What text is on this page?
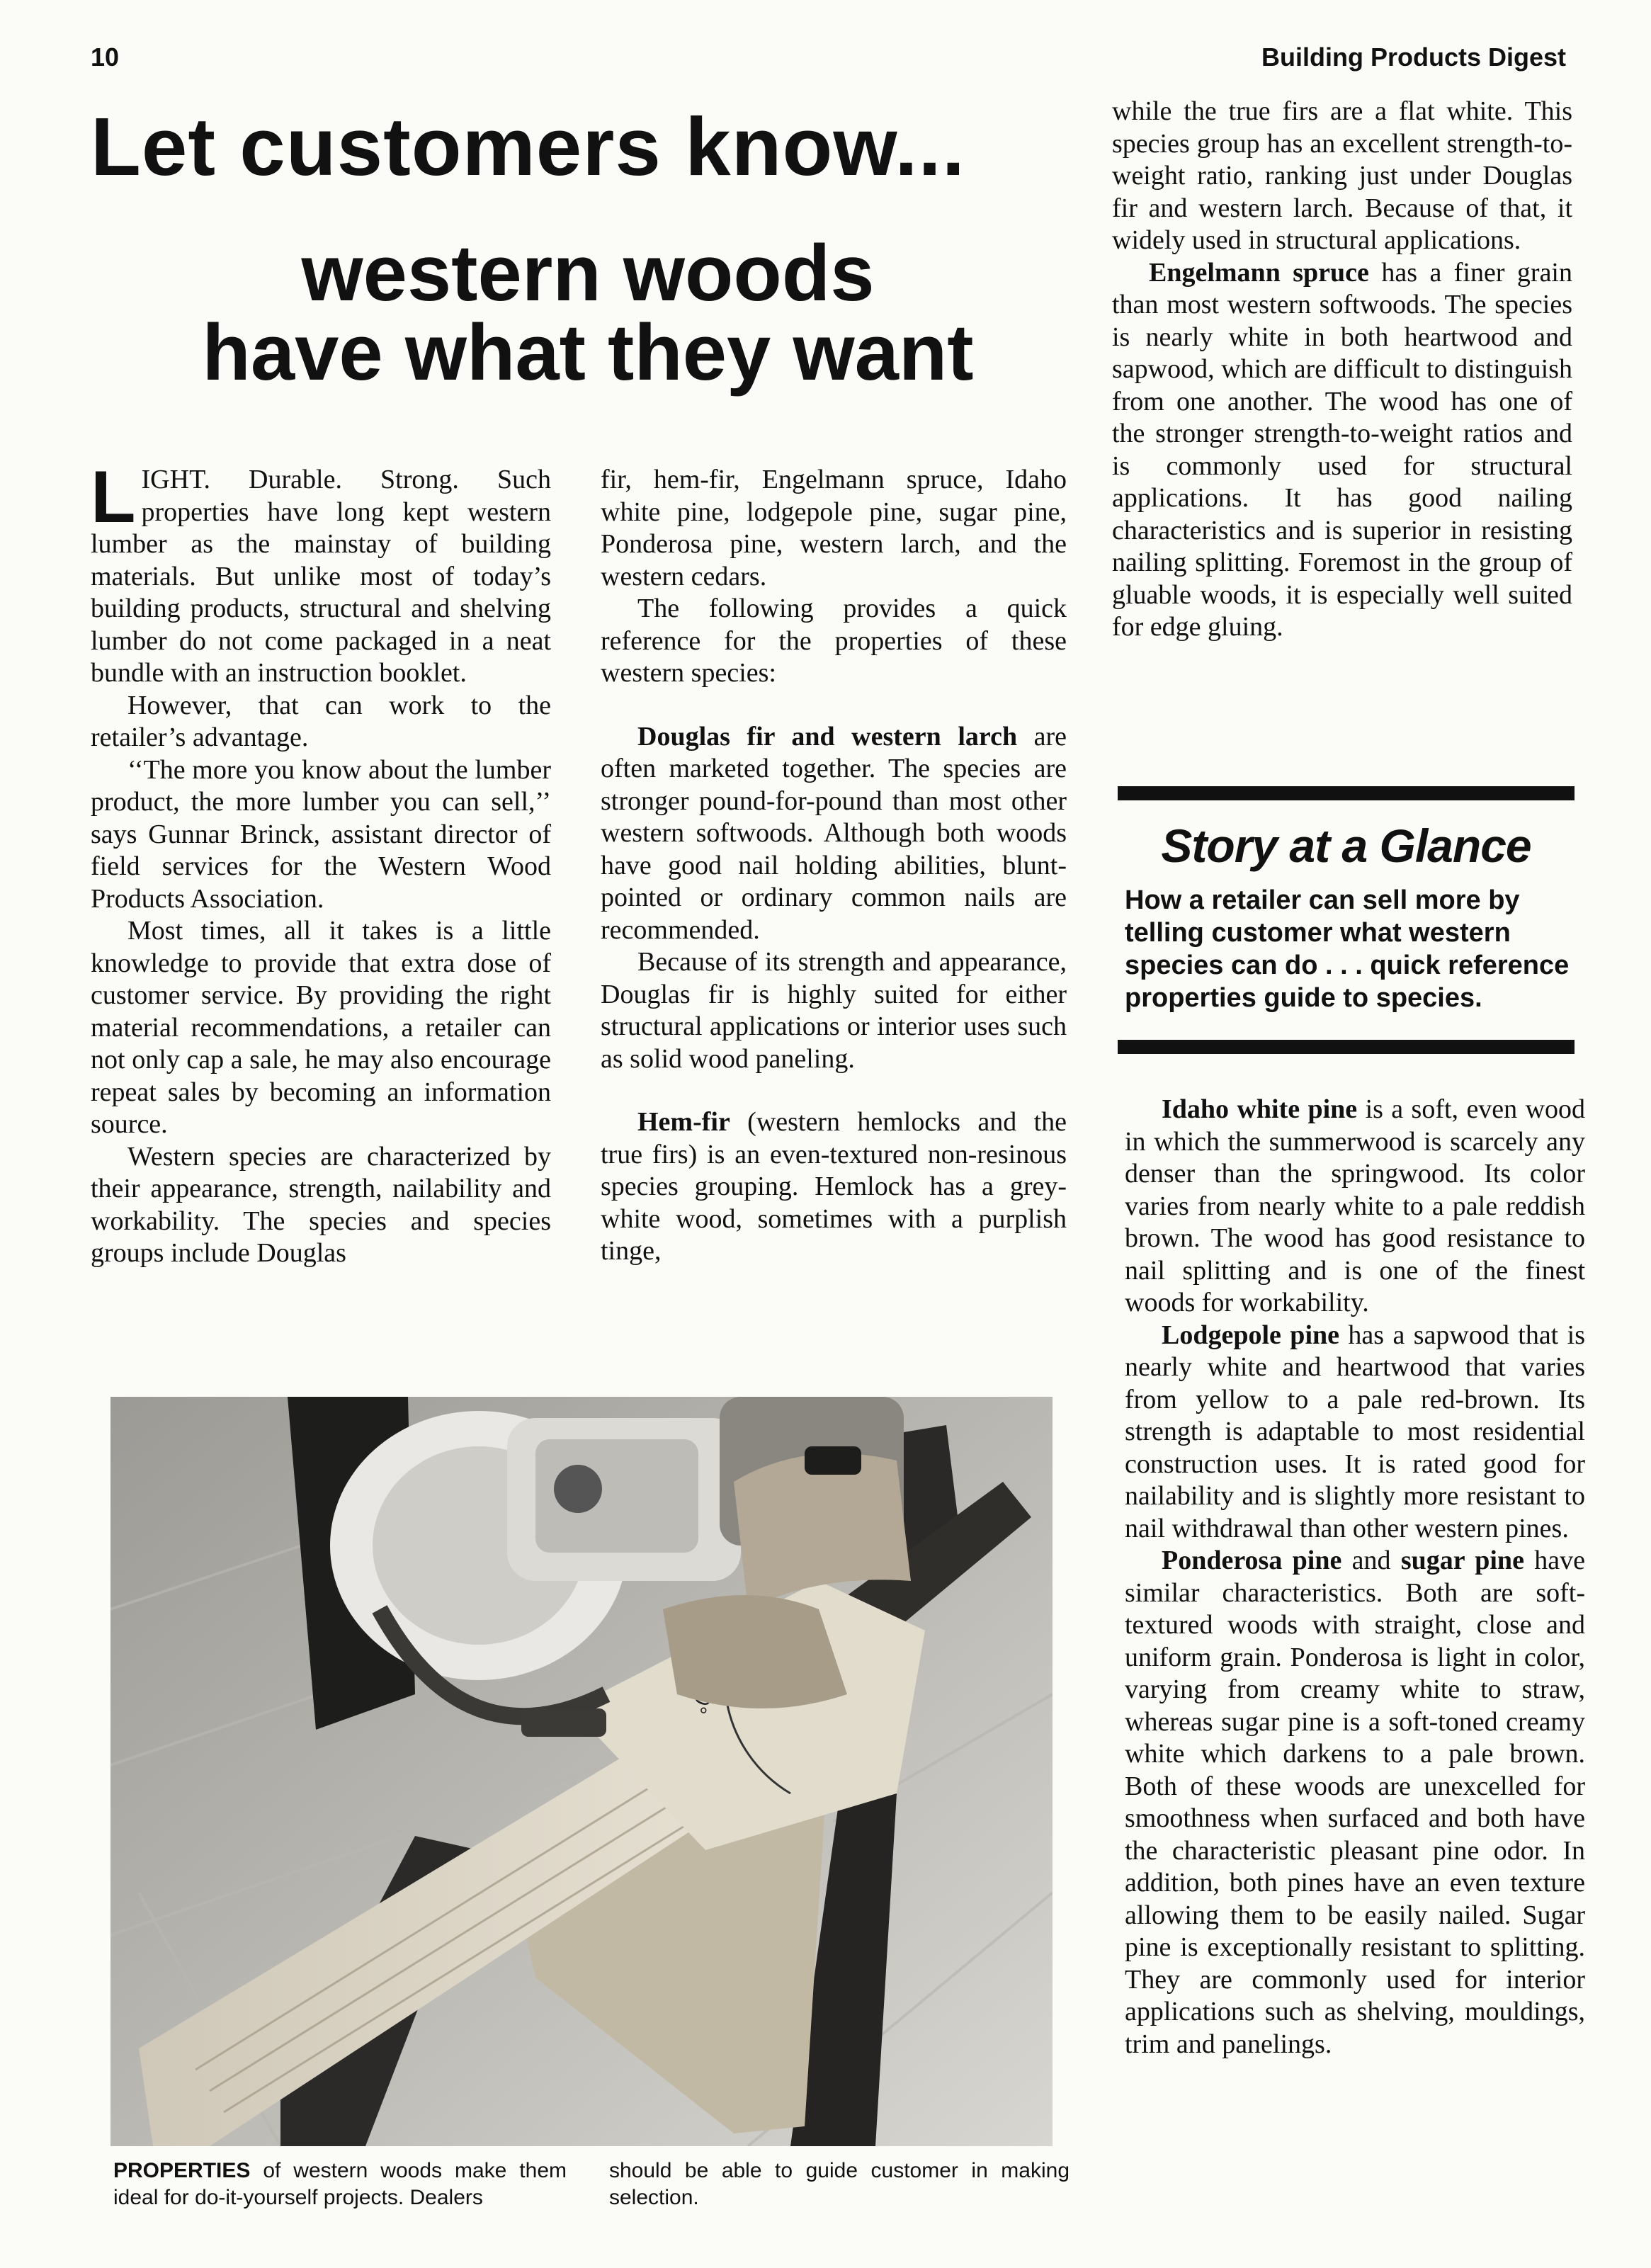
10	Building Products Digest
Let customers know...
western woods
have what they want

LIGHT. Durable. Strong. Such properties have long kept western lumber as the mainstay of building materials. But unlike most of today’s building products, structural and shelving lumber do not come packaged in a neat bundle with an instruction booklet.

However, that can work to the retailer’s advantage.

‘‘The more you know about the lumber product, the more lumber you can sell,’’ says Gunnar Brinck, assistant director of field services for the Western Wood Products Association.

Most times, all it takes is a little knowledge to provide that extra dose of customer service. By providing the right material recommendations, a retailer can not only cap a sale, he may also encourage repeat sales by becoming an information source.

Western species are characterized by their appearance, strength, nailability and workability. The species and species groups include Douglas

fir, hem-fir, Engelmann spruce, Idaho white pine, lodgepole pine, sugar pine, Ponderosa pine, western larch, and the western cedars.

The following provides a quick reference for the properties of these western species:

Douglas fir and western larch are often marketed together. The species are stronger pound-for-pound than most other western softwoods. Although both woods have good nail holding abilities, blunt-pointed or ordinary common nails are recommended.

Because of its strength and appearance, Douglas fir is highly suited for either structural applications or interior uses such as solid wood paneling.

Hem-fir (western hemlocks and the true firs) is an even-textured non-resinous species grouping. Hemlock has a grey-white wood, sometimes with a purplish tinge,

while the true firs are a flat white. This species group has an excellent strength-to-weight ratio, ranking just under Douglas fir and western larch. Because of that, it widely used in structural applications.

Engelmann spruce has a finer grain than most western softwoods. The species is nearly white in both heartwood and sapwood, which are difficult to distinguish from one another. The wood has one of the stronger strength-to-weight ratios and is commonly used for structural applications. It has good nailing characteristics and is superior in resisting nailing splitting. Foremost in the group of gluable woods, it is especially well suited for edge gluing.

Story at a Glance
How a retailer can sell more by telling customer what western species can do . . . quick reference properties guide to species.

Idaho white pine is a soft, even wood in which the summerwood is scarcely any denser than the springwood. Its color varies from nearly white to a pale reddish brown. The wood has good resistance to nail splitting and is one of the finest woods for workability.

Lodgepole pine has a sapwood that is nearly white and heartwood that varies from yellow to a pale red-brown. Its strength is adaptable to most residential construction uses. It is rated good for nailability and is slightly more resistant to nail withdrawal than other western pines.

Ponderosa pine and sugar pine have similar characteristics. Both are soft-textured woods with straight, close and uniform grain. Ponderosa is light in color, varying from creamy white to straw, whereas sugar pine is a soft-toned creamy white which darkens to a pale brown. Both of these woods are unexcelled for smoothness when surfaced and both have the characteristic pleasant pine odor. In addition, both pines have an even texture allowing them to be easily nailed. Sugar pine is exceptionally resistant to splitting. They are commonly used for interior applications such as shelving, mouldings, trim and panelings.

PROPERTIES of western woods make them ideal for do-it-yourself projects. Dealers
should be able to guide customer in making selection.
